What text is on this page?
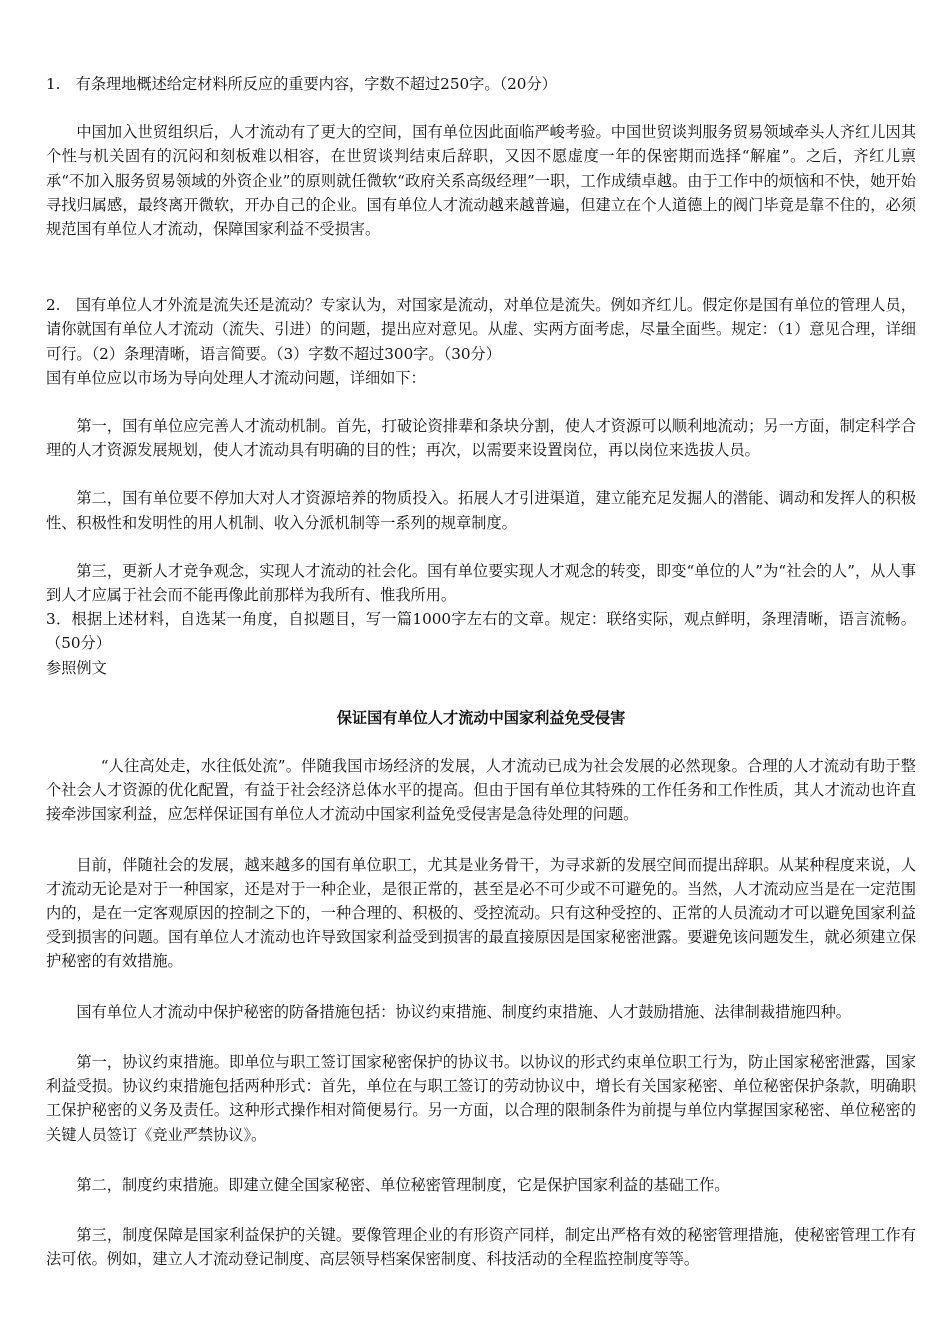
1.　有条理地概述给定材料所反应的重要内容，字数不超过250字。（20分）

中国加入世贸组织后，人才流动有了更大的空间，国有单位因此面临严峻考验。中国世贸谈判服务贸易领域牵头人齐红儿因其个性与机关固有的沉闷和刻板难以相容，在世贸谈判结束后辞职，又因不愿虚度一年的保密期而选择“解雇”。之后，齐红儿禀承“不加入服务贸易领域的外资企业”的原则就任微软“政府关系高级经理”一职，工作成绩卓越。由于工作中的烦恼和不快，她开始寻找归属感，最终离开微软，开办自己的企业。国有单位人才流动越来越普遍，但建立在个人道德上的阀门毕竟是靠不住的，必须规范国有单位人才流动，保障国家利益不受损害。

2.　国有单位人才外流是流失还是流动？专家认为，对国家是流动，对单位是流失。例如齐红儿。假定你是国有单位的管理人员，请你就国有单位人才流动（流失、引进）的问题，提出应对意见。从虚、实两方面考虑，尽量全面些。规定：（1）意见合理，详细可行。（2）条理清晰，语言简要。（3）字数不超过300字。（30分）

国有单位应以市场为导向处理人才流动问题，详细如下：

第一，国有单位应完善人才流动机制。首先，打破论资排辈和条块分割，使人才资源可以顺利地流动；另一方面，制定科学合理的人才资源发展规划，使人才流动具有明确的目的性；再次，以需要来设置岗位，再以岗位来选拔人员。

第二，国有单位要不停加大对人才资源培养的物质投入。拓展人才引进渠道，建立能充足发掘人的潜能、调动和发挥人的积极性、积极性和发明性的用人机制、收入分派机制等一系列的规章制度。

第三，更新人才竞争观念，实现人才流动的社会化。国有单位要实现人才观念的转变，即变“单位的人”为“社会的人”，从人事到人才应属于社会而不能再像此前那样为我所有、惟我所用。

3．根据上述材料，自选某一角度，自拟题目，写一篇1000字左右的文章。规定：联络实际，观点鲜明，条理清晰，语言流畅。（50分）

参照例文

保证国有单位人才流动中国家利益免受侵害

“人往高处走，水往低处流”。伴随我国市场经济的发展，人才流动已成为社会发展的必然现象。合理的人才流动有助于整个社会人才资源的优化配置，有益于社会经济总体水平的提高。但由于国有单位其特殊的工作任务和工作性质，其人才流动也许直接牵涉国家利益，应怎样保证国有单位人才流动中国家利益免受侵害是急待处理的问题。

目前，伴随社会的发展，越来越多的国有单位职工，尤其是业务骨干，为寻求新的发展空间而提出辞职。从某种程度来说，人才流动无论是对于一种国家，还是对于一种企业，是很正常的，甚至是必不可少或不可避免的。当然，人才流动应当是在一定范围内的，是在一定客观原因的控制之下的，一种合理的、积极的、受控流动。只有这种受控的、正常的人员流动才可以避免国家利益受到损害的问题。国有单位人才流动也许导致国家利益受到损害的最直接原因是国家秘密泄露。要避免该问题发生，就必须建立保护秘密的有效措施。

国有单位人才流动中保护秘密的防备措施包括：协议约束措施、制度约束措施、人才鼓励措施、法律制裁措施四种。

第一，协议约束措施。即单位与职工签订国家秘密保护的协议书。以协议的形式约束单位职工行为，防止国家秘密泄露，国家利益受损。协议约束措施包括两种形式：首先，单位在与职工签订的劳动协议中，增长有关国家秘密、单位秘密保护条款，明确职工保护秘密的义务及责任。这种形式操作相对简便易行。另一方面，以合理的限制条件为前提与单位内掌握国家秘密、单位秘密的关键人员签订《竞业严禁协议》。

第二，制度约束措施。即建立健全国家秘密、单位秘密管理制度，它是保护国家利益的基础工作。

第三，制度保障是国家利益保护的关键。要像管理企业的有形资产同样，制定出严格有效的秘密管理措施，使秘密管理工作有法可依。例如，建立人才流动登记制度、高层领导档案保密制度、科技活动的全程监控制度等等。
